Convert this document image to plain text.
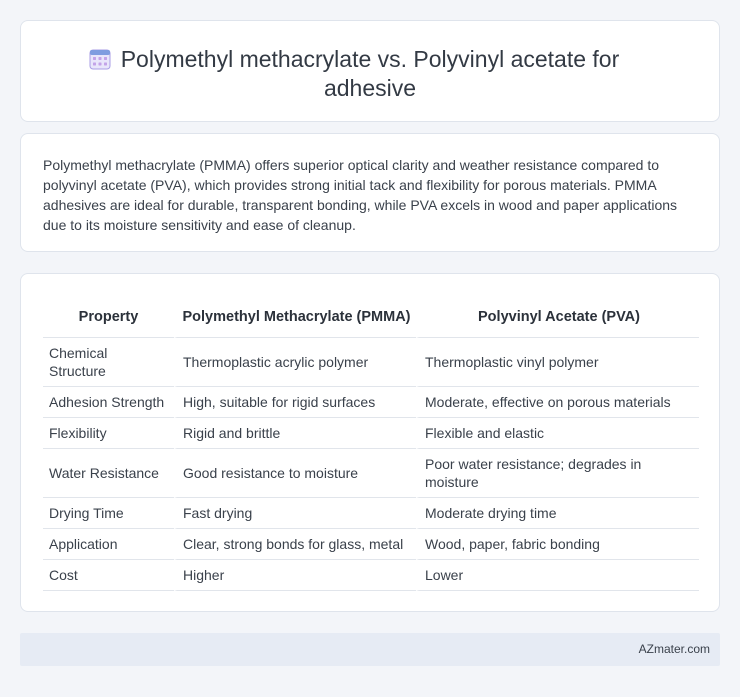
Polymethyl methacrylate vs. Polyvinyl acetate for adhesive

Polymethyl methacrylate (PMMA) offers superior optical clarity and weather resistance compared to polyvinyl acetate (PVA), which provides strong initial tack and flexibility for porous materials. PMMA adhesives are ideal for durable, transparent bonding, while PVA excels in wood and paper applications due to its moisture sensitivity and ease of cleanup.

Property	Polymethyl Methacrylate (PMMA)	Polyvinyl Acetate (PVA)
Chemical Structure	Thermoplastic acrylic polymer	Thermoplastic vinyl polymer
Adhesion Strength	High, suitable for rigid surfaces	Moderate, effective on porous materials
Flexibility	Rigid and brittle	Flexible and elastic
Water Resistance	Good resistance to moisture	Poor water resistance; degrades in moisture
Drying Time	Fast drying	Moderate drying time
Application	Clear, strong bonds for glass, metal	Wood, paper, fabric bonding
Cost	Higher	Lower
AZmater.com
